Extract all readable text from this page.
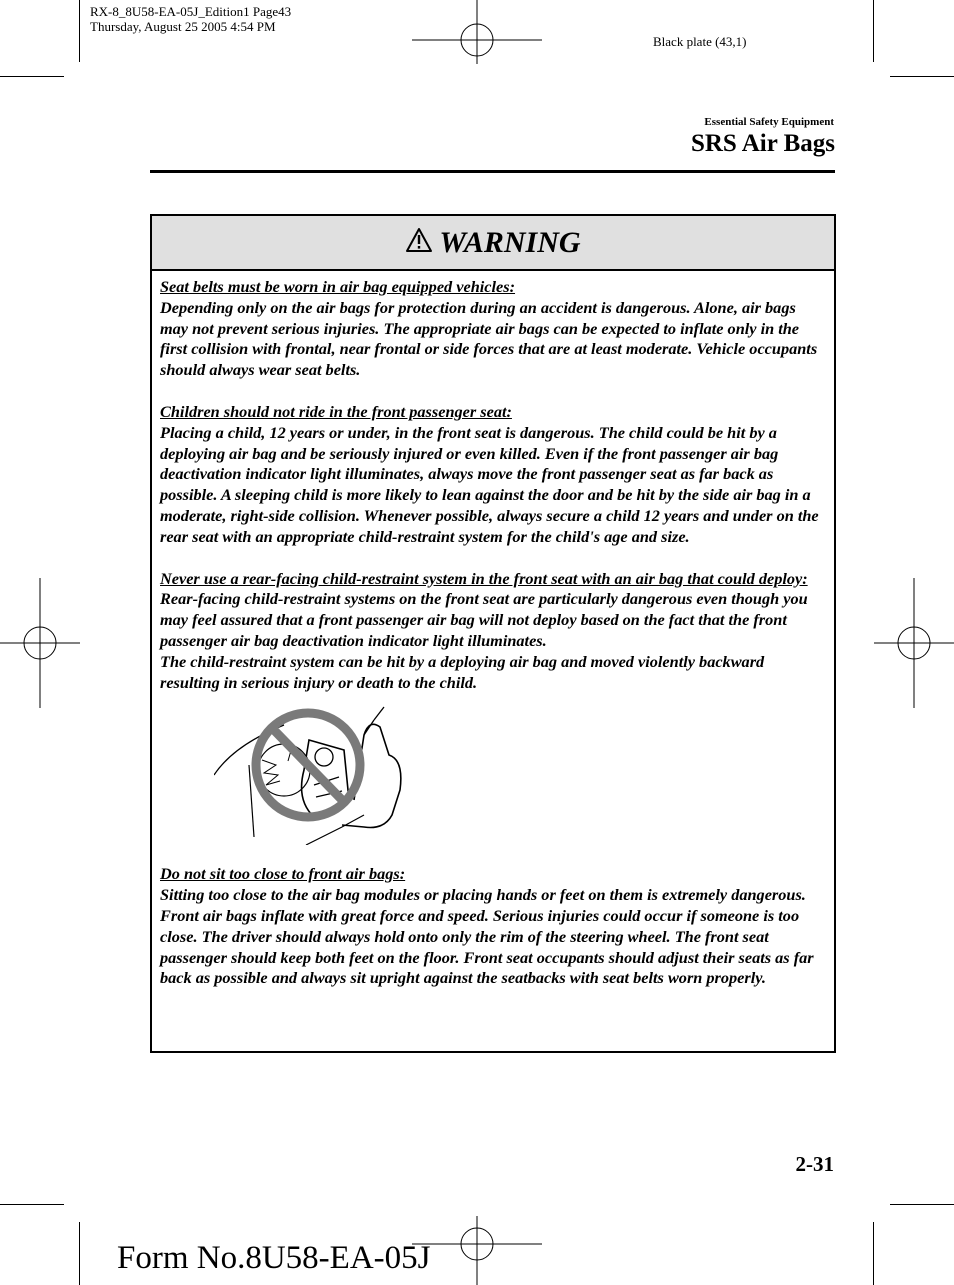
RX-8_8U58-EA-05J_Edition1 Page43
Thursday, August 25 2005 4:54 PM
Black plate (43,1)
Essential Safety Equipment
SRS Air Bags
WARNING

Seat belts must be worn in air bag equipped vehicles:

Depending only on the air bags for protection during an accident is dangerous. Alone, air bags may not prevent serious injuries. The appropriate air bags can be expected to inflate only in the first collision with frontal, near frontal or side forces that are at least moderate. Vehicle occupants should always wear seat belts.

Children should not ride in the front passenger seat:

Placing a child, 12 years or under, in the front seat is dangerous. The child could be hit by a deploying air bag and be seriously injured or even killed. Even if the front passenger air bag deactivation indicator light illuminates, always move the front passenger seat as far back as possible. A sleeping child is more likely to lean against the door and be hit by the side air bag in a moderate, right-side collision. Whenever possible, always secure a child 12 years and under on the rear seat with an appropriate child-restraint system for the child's age and size.

Never use a rear-facing child-restraint system in the front seat with an air bag that could deploy:

Rear-facing child-restraint systems on the front seat are particularly dangerous even though you may feel assured that a front passenger air bag will not deploy based on the fact that the front passenger air bag deactivation indicator light illuminates.

The child-restraint system can be hit by a deploying air bag and moved violently backward resulting in serious injury or death to the child.

Do not sit too close to front air bags:

Sitting too close to the air bag modules or placing hands or feet on them is extremely dangerous. Front air bags inflate with great force and speed. Serious injuries could occur if someone is too close. The driver should always hold onto only the rim of the steering wheel. The front seat passenger should keep both feet on the floor. Front seat occupants should adjust their seats as far back as possible and always sit upright against the seatbacks with seat belts worn properly.

2-31
Form No.8U58-EA-05J
